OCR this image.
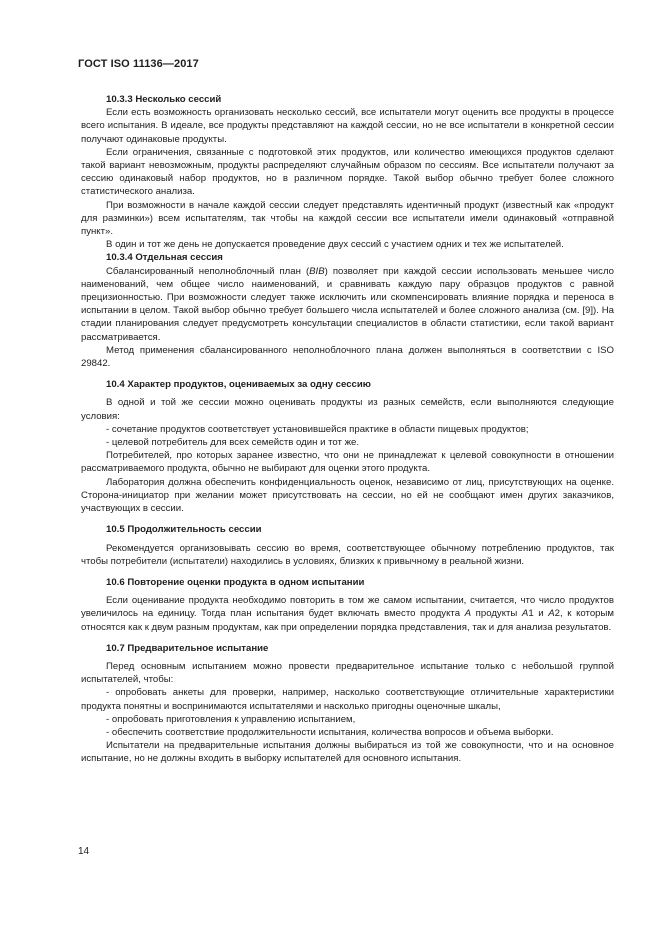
ГОСТ ISO 11136—2017
10.3.3 Несколько сессий

Если есть возможность организовать несколько сессий, все испытатели могут оценить все продукты в процессе всего испытания. В идеале, все продукты представляют на каждой сессии, но не все испытатели в конкретной сессии получают одинаковые продукты.

Если ограничения, связанные с подготовкой этих продуктов, или количество имеющихся продуктов сделают такой вариант невозможным, продукты распределяют случайным образом по сессиям. Все испытатели получают за сессию одинаковый набор продуктов, но в различном порядке. Такой выбор обычно требует более сложного статистического анализа.

При возможности в начале каждой сессии следует представлять идентичный продукт (известный как «продукт для разминки») всем испытателям, так чтобы на каждой сессии все испытатели имели одинаковый «отправной пункт».

В один и тот же день не допускается проведение двух сессий с участием одних и тех же испытателей.

10.3.4 Отдельная сессия

Сбалансированный неполноблочный план (BIB) позволяет при каждой сессии использовать меньшее число наименований, чем общее число наименований, и сравнивать каждую пару образцов продуктов с равной прецизионностью. При возможности следует также исключить или скомпенсировать влияние порядка и переноса в испытании в целом. Такой выбор обычно требует большего числа испытателей и более сложного анализа (см. [9]). На стадии планирования следует предусмотреть консультации специалистов в области статистики, если такой вариант рассматривается.

Метод применения сбалансированного неполноблочного плана должен выполняться в соответствии с ISO 29842.

10.4 Характер продуктов, оцениваемых за одну сессию

В одной и той же сессии можно оценивать продукты из разных семейств, если выполняются следующие условия:

- сочетание продуктов соответствует установившейся практике в области пищевых продуктов;

- целевой потребитель для всех семейств один и тот же.

Потребителей, про которых заранее известно, что они не принадлежат к целевой совокупности в отношении рассматриваемого продукта, обычно не выбирают для оценки этого продукта.

Лаборатория должна обеспечить конфиденциальность оценок, независимо от лиц, присутствующих на оценке. Сторона-инициатор при желании может присутствовать на сессии, но ей не сообщают имен других заказчиков, участвующих в сессии.

10.5 Продолжительность сессии

Рекомендуется организовывать сессию во время, соответствующее обычному потреблению продуктов, так чтобы потребители (испытатели) находились в условиях, близких к привычному в реальной жизни.

10.6 Повторение оценки продукта в одном испытании

Если оценивание продукта необходимо повторить в том же самом испытании, считается, что число продуктов увеличилось на единицу. Тогда план испытания будет включать вместо продукта А продукты А1 и А2, к которым относятся как к двум разным продуктам, как при определении порядка представления, так и для анализа результатов.

10.7 Предварительное испытание

Перед основным испытанием можно провести предварительное испытание только с небольшой группой испытателей, чтобы:

- опробовать анкеты для проверки, например, насколько соответствующие отличительные характеристики продукта понятны и воспринимаются испытателями и насколько пригодны оценочные шкалы,

- опробовать приготовления к управлению испытанием,

- обеспечить соответствие продолжительности испытания, количества вопросов и объема выборки.

Испытатели на предварительные испытания должны выбираться из той же совокупности, что и на основное испытание, но не должны входить в выборку испытателей для основного испытания.

14
